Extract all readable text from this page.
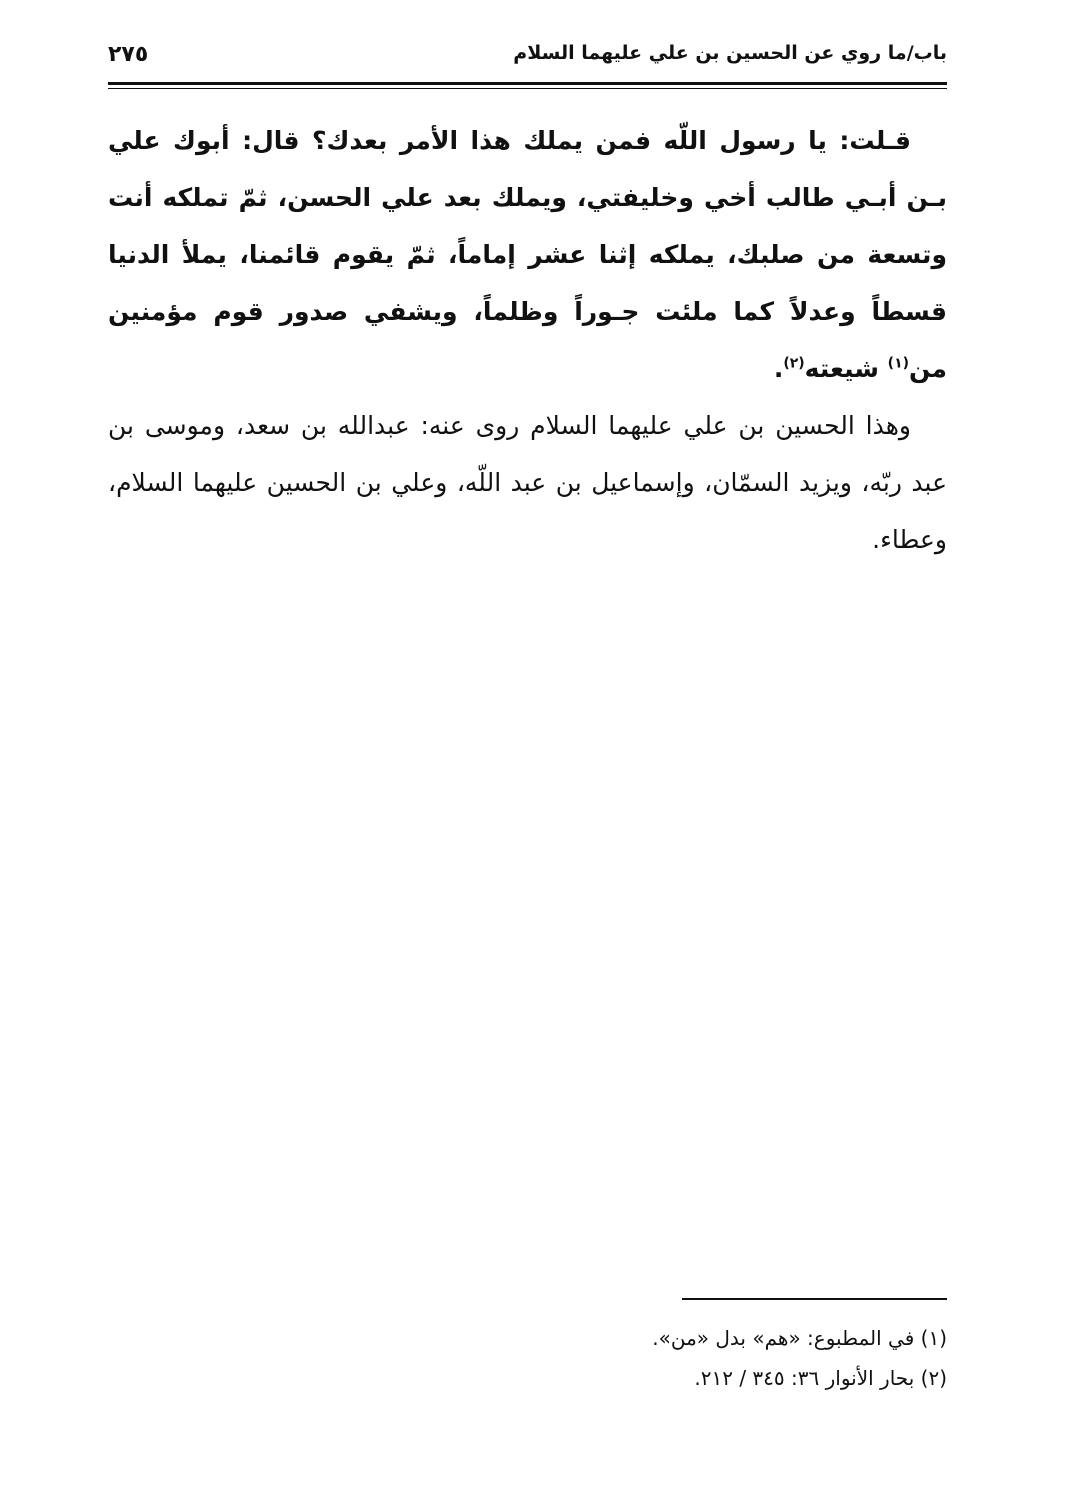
باب/ما روي عن الحسين بن علي عليهما السلام
٢٧٥

قـلت: يا رسول اللّه فمن يملك هذا الأمر بعدك؟ قال: أبوك علي بـن أبـي طالب أخي وخليفتي، ويملك بعد علي الحسن، ثمّ تملكه أنت وتسعة من صلبك، يملكه إثنا عشر إماماً، ثمّ يقوم قائمنا، يملأ الدنيا قسطاً وعدلاً كما ملئت جـوراً وظلماً، ويشفي صدور قوم مؤمنين من$^{(١)}$ شيعته$^{(٢)}$.

وهذا الحسين بن علي عليهما السلام روى عنه: عبدالله بن سعد، وموسى بن عبد ربّه، ويزيد السمّان، وإسماعيل بن عبد اللّه، وعلي بن الحسين عليهما السلام، وعطاء.

(١) في المطبوع: «هم» بدل «من».

(٢) بحار الأنوار ٣٦: ٣٤٥ / ٢١٢.
